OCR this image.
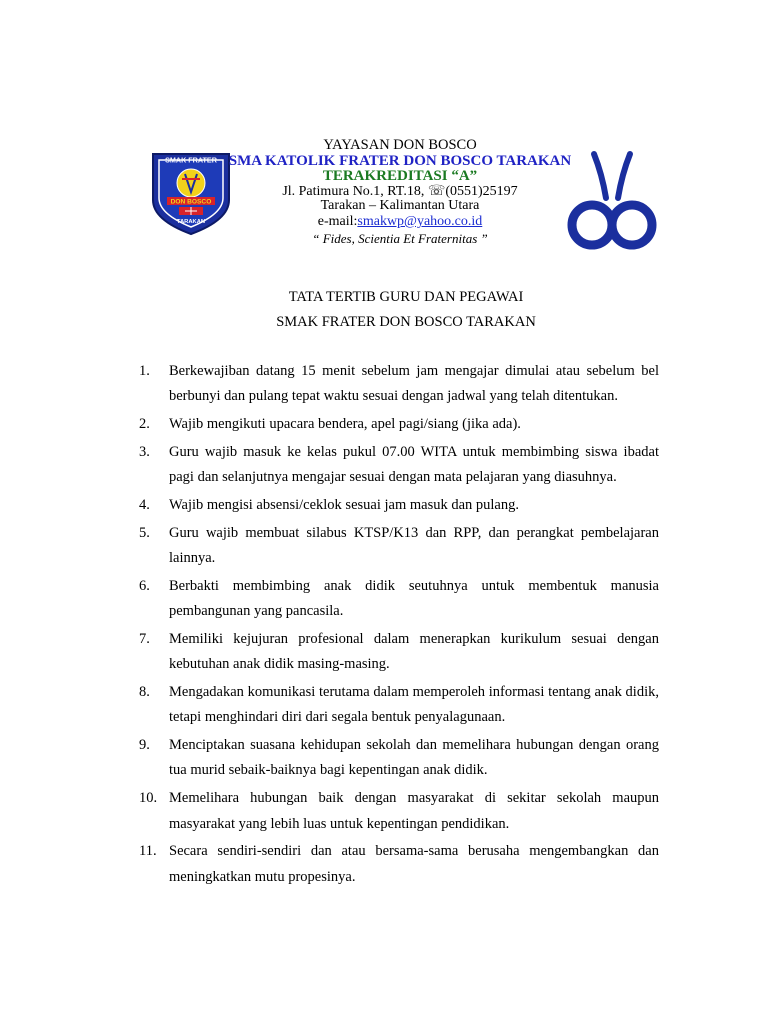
SMAK FRATER
DON BOSCO
TARAKAN
YAYASAN DON BOSCO
SMA KATOLIK FRATER DON BOSCO TARAKAN
TERAKREDITASI “A”
Jl. Patimura No.1, RT.18, ☏(0551)25197
Tarakan – Kalimantan Utara
e-mail:smakwp@yahoo.co.id
“ Fides, Scientia Et Fraternitas ”
TATA TERTIB GURU DAN PEGAWAI
SMAK FRATER DON BOSCO TARAKAN
1.	Berkewajiban datang 15 menit sebelum jam mengajar dimulai atau sebelum bel berbunyi dan pulang tepat waktu sesuai dengan jadwal yang telah ditentukan.
2.	Wajib mengikuti upacara bendera, apel pagi/siang (jika ada).
3.	Guru wajib masuk ke kelas pukul 07.00 WITA untuk membimbing siswa ibadat pagi dan selanjutnya mengajar sesuai dengan mata pelajaran yang diasuhnya.
4.	Wajib mengisi absensi/ceklok sesuai jam masuk dan pulang.
5.	Guru wajib membuat silabus KTSP/K13 dan RPP, dan perangkat pembelajaran lainnya.
6.	Berbakti membimbing anak didik seutuhnya untuk membentuk manusia pembangunan yang pancasila.
7.	Memiliki kejujuran profesional dalam menerapkan kurikulum sesuai dengan kebutuhan anak didik masing-masing.
8.	Mengadakan komunikasi terutama dalam memperoleh informasi tentang anak didik, tetapi menghindari diri dari segala bentuk penyalagunaan.
9.	Menciptakan suasana kehidupan sekolah dan memelihara hubungan dengan orang tua murid sebaik-baiknya bagi kepentingan anak didik.
10. Memelihara hubungan baik dengan masyarakat di sekitar sekolah maupun masyarakat yang lebih luas untuk kepentingan pendidikan.
11. Secara sendiri-sendiri dan atau bersama-sama berusaha mengembangkan dan meningkatkan mutu propesinya.
